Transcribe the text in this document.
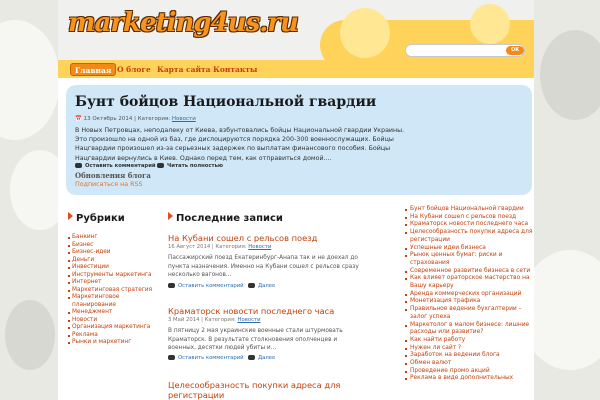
marketing4us.ru
OK
Главная О блоге Карта сайта Контакты
Бунт бойцов Национальной гвардии
📅 13 Октябрь 2014 | Категория: Новости
В Новых Петровцах, неподалеку от Киева, взбунтовались бойцы Национальной гвардии Украины. Это произошло на одной из баз, где дислоцируются порядка 200-300 военнослужащих. Бойцы Нацгвардии произошел из-за серьезных задержек по выплатам финансового пособия. Бойцы Нацгвардии вернулись в Киев. Однако перед тем, как отправиться домой....
Оставить комментарий	Читать полностью
Обновления блога
Подписаться на RSS
Рубрики
Банкинг
Бизнес
Бизнес-идеи
Деньги
Инвестиции
Инструменты маркетинга
Интернет
Маркетинговая стратегия
Маркетинговое планирование
Менеджмент
Новости
Организация маркетинга
Реклама
Рынки и маркетинг
Последние записи
На Кубани сошел с рельсов поезд
16 Август 2014 | Категория: Новости
Пассажирский поезд Екатеринбург-Анапа так и не доехал до пункта назначения. Именно на Кубани сошел с рельсов сразу несколько вагонов...
Оставить комментарий	Далее
Краматорск новости последнего часа
3 Май 2014 | Категория: Новости
В пятницу 2 мая украинские военные стали штурмовать Краматорск. В результате столкновения ополченцев и военных, десятки людей убиты и...
Оставить комментарий	Далее
Целесообразность покупки адреса для регистрации
Бунт бойцов Национальной гвардии
На Кубани сошел с рельсов поезд
Краматорск новости последнего часа
Целесообразность покупки адреса для регистрации
Успешные идеи бизнеса
Рынок ценных бумаг: риски и страхования
Современное развитие бизнеса в сети
Как влияет ораторское мастерство на Вашу карьеру
Аренда коммерческих организаций
Монетизация трафика
Правильное ведение бухгалтерии – залог успеха
Маркетолог в малом бизнесе: лишние расходы или развитие?
Как найти работу
Нужен ли сайт ?
Заработок на ведении блога
Обмен валют
Проведение промо акций
Реклама в виде дополнительных
